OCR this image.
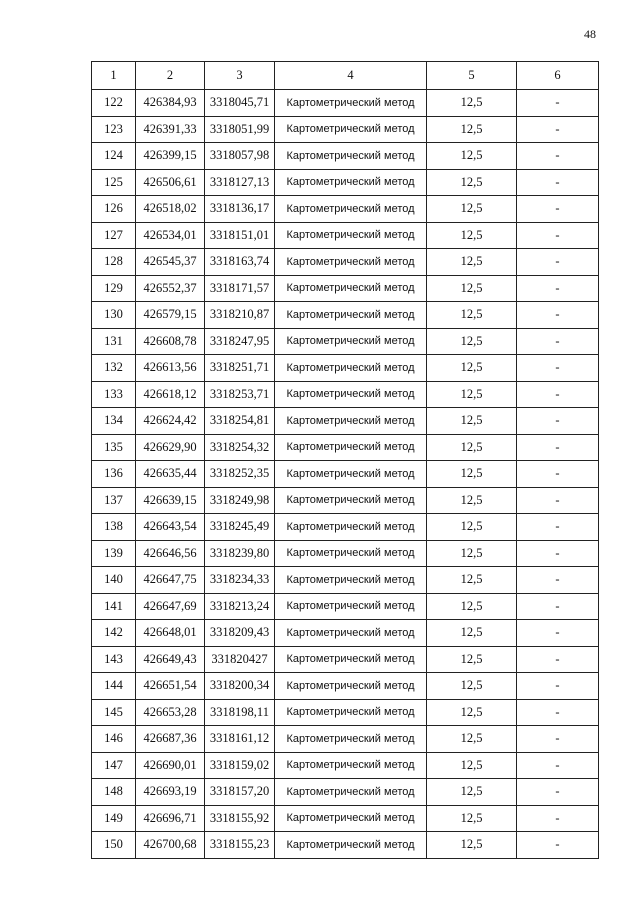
48
1	2	3	4	5	6
122	426384,93	3318045,71	Картометрический метод	12,5	-
123	426391,33	3318051,99	Картометрический метод	12,5	-
124	426399,15	3318057,98	Картометрический метод	12,5	-
125	426506,61	3318127,13	Картометрический метод	12,5	-
126	426518,02	3318136,17	Картометрический метод	12,5	-
127	426534,01	3318151,01	Картометрический метод	12,5	-
128	426545,37	3318163,74	Картометрический метод	12,5	-
129	426552,37	3318171,57	Картометрический метод	12,5	-
130	426579,15	3318210,87	Картометрический метод	12,5	-
131	426608,78	3318247,95	Картометрический метод	12,5	-
132	426613,56	3318251,71	Картометрический метод	12,5	-
133	426618,12	3318253,71	Картометрический метод	12,5	-
134	426624,42	3318254,81	Картометрический метод	12,5	-
135	426629,90	3318254,32	Картометрический метод	12,5	-
136	426635,44	3318252,35	Картометрический метод	12,5	-
137	426639,15	3318249,98	Картометрический метод	12,5	-
138	426643,54	3318245,49	Картометрический метод	12,5	-
139	426646,56	3318239,80	Картометрический метод	12,5	-
140	426647,75	3318234,33	Картометрический метод	12,5	-
141	426647,69	3318213,24	Картометрический метод	12,5	-
142	426648,01	3318209,43	Картометрический метод	12,5	-
143	426649,43	331820427	Картометрический метод	12,5	-
144	426651,54	3318200,34	Картометрический метод	12,5	-
145	426653,28	3318198,11	Картометрический метод	12,5	-
146	426687,36	3318161,12	Картометрический метод	12,5	-
147	426690,01	3318159,02	Картометрический метод	12,5	-
148	426693,19	3318157,20	Картометрический метод	12,5	-
149	426696,71	3318155,92	Картометрический метод	12,5	-
150	426700,68	3318155,23	Картометрический метод	12,5	-
